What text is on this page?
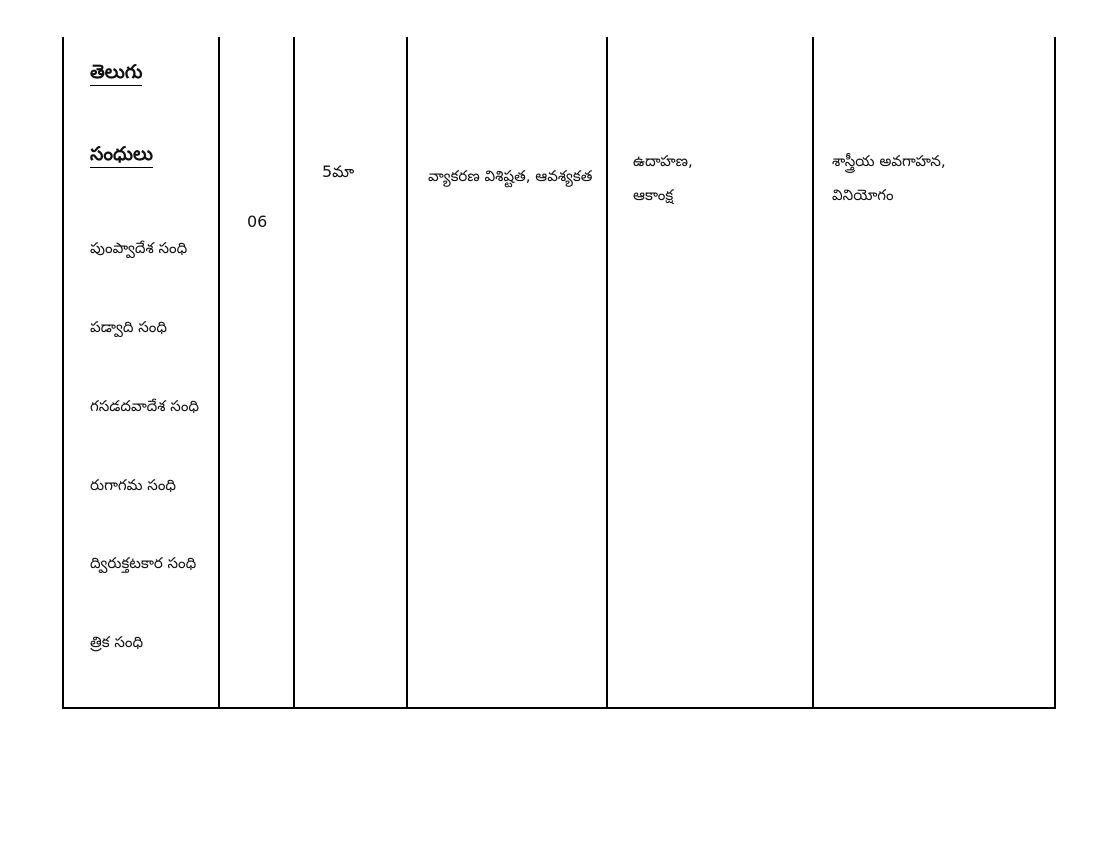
తెలుగు
సంధులు
పుంప్వాదేశ సంధి
పడ్వాది సంధి
గసడదవాదేశ సంధి
రుగాగమ సంధి
ద్విరుక్తటకార సంధి
త్రిక సంధి
06
5మా	వ్యాకరణ విశిష్టత, ఆవశ్యకత
ఉదాహణ,
ఆకాంక్ష
శాస్త్రీయ అవగాహన,
వినియోగం
